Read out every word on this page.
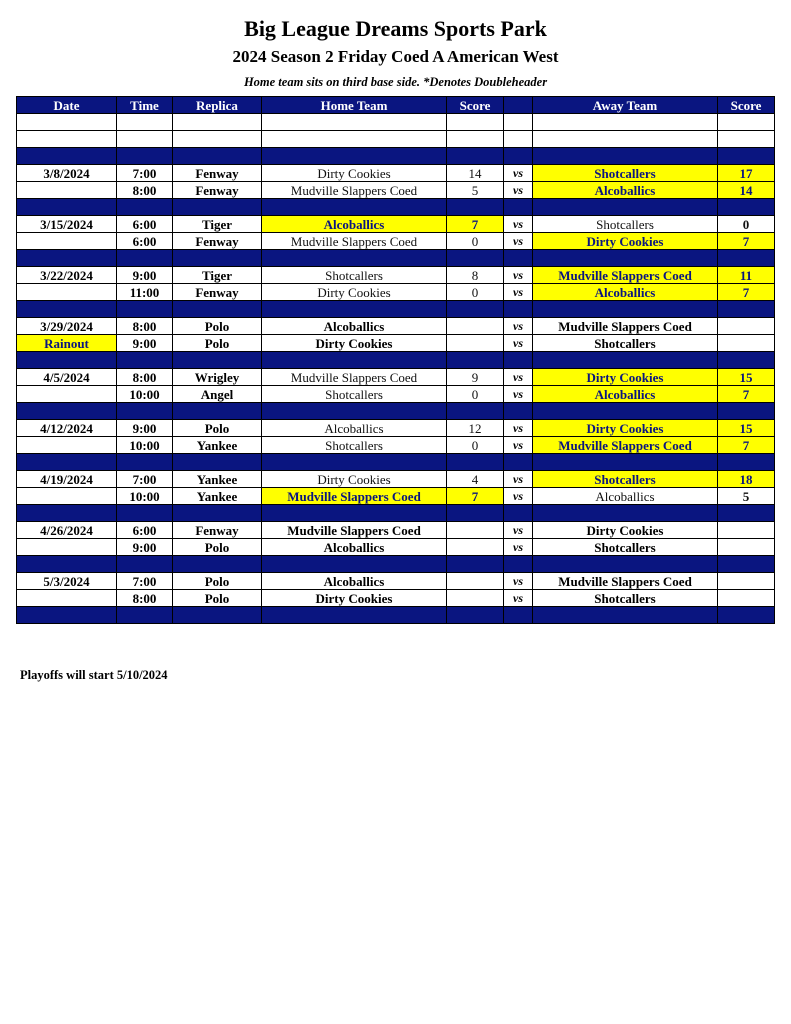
Big League Dreams Sports Park
2024 Season 2 Friday Coed A American West
Home team sits on third base side. *Denotes Doubleheader
Date	Time	Replica	Home Team	Score		Away Team	Score

3/8/2024	7:00	Fenway	Dirty Cookies	14	vs	Shotcallers	17
	8:00	Fenway	Mudville Slappers Coed	5	vs	Alcoballics	14

3/15/2024	6:00	Tiger	Alcoballics	7	vs	Shotcallers	0
	6:00	Fenway	Mudville Slappers Coed	0	vs	Dirty Cookies	7

3/22/2024	9:00	Tiger	Shotcallers	8	vs	Mudville Slappers Coed	11
	11:00	Fenway	Dirty Cookies	0	vs	Alcoballics	7

3/29/2024	8:00	Polo	Alcoballics		vs	Mudville Slappers Coed	
Rainout	9:00	Polo	Dirty Cookies		vs	Shotcallers	

4/5/2024	8:00	Wrigley	Mudville Slappers Coed	9	vs	Dirty Cookies	15
	10:00	Angel	Shotcallers	0	vs	Alcoballics	7

4/12/2024	9:00	Polo	Alcoballics	12	vs	Dirty Cookies	15
	10:00	Yankee	Shotcallers	0	vs	Mudville Slappers Coed	7

4/19/2024	7:00	Yankee	Dirty Cookies	4	vs	Shotcallers	18
	10:00	Yankee	Mudville Slappers Coed	7	vs	Alcoballics	5

4/26/2024	6:00	Fenway	Mudville Slappers Coed		vs	Dirty Cookies	
	9:00	Polo	Alcoballics		vs	Shotcallers	

5/3/2024	7:00	Polo	Alcoballics		vs	Mudville Slappers Coed	
	8:00	Polo	Dirty Cookies		vs	Shotcallers	

Playoffs will start 5/10/2024
